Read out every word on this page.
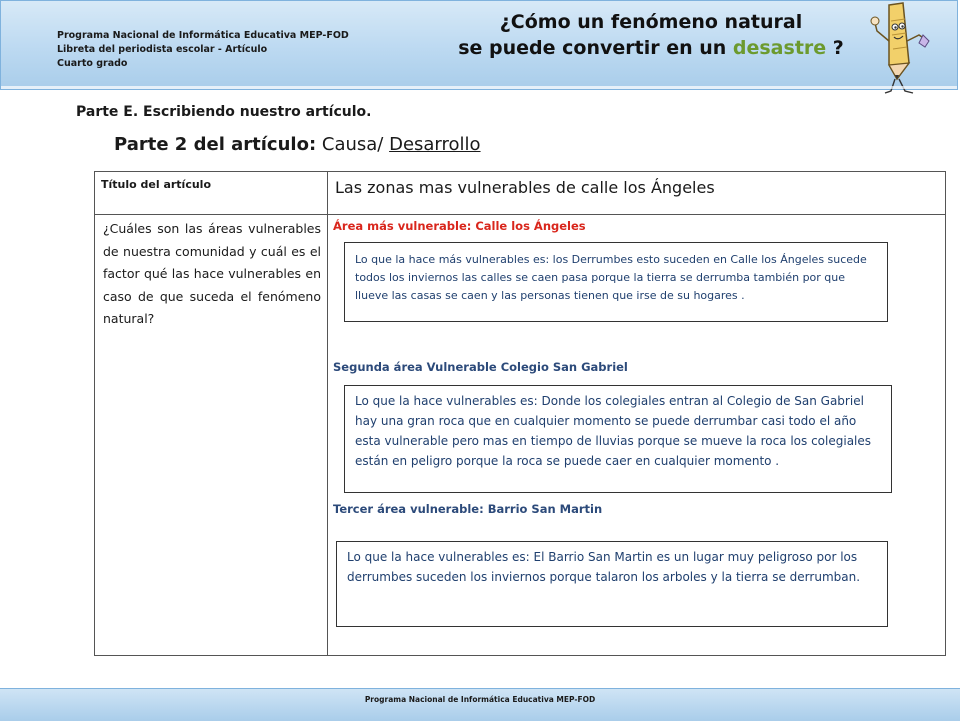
Programa Nacional de Informática Educativa MEP-FOD
Libreta del periodista escolar - Artículo
Cuarto grado
¿Cómo un fenómeno natural
se puede convertir en un desastre ?
Parte E. Escribiendo nuestro artículo.
Parte 2 del artículo: Causa/ Desarrollo
Título del artículo	Las zonas mas vulnerables de calle los Ángeles
¿Cuáles son las áreas vulnerables de nuestra comunidad y cuál es el factor qué las hace vulnerables en caso de que suceda el fenómeno natural?
Área más vulnerable: Calle los Ángeles
Lo que la hace más vulnerables es: los Derrumbes esto suceden en Calle los Ángeles sucede todos los inviernos las calles se caen pasa porque la tierra se derrumba también por que llueve las casas se caen y las personas tienen que irse de su hogares .
Segunda área Vulnerable Colegio San Gabriel
Lo que la hace vulnerables es: Donde los colegiales entran al Colegio de San Gabriel hay una gran roca que en cualquier momento se puede derrumbar casi todo el año esta vulnerable pero mas en tiempo de lluvias porque se mueve la roca los colegiales están en peligro porque la roca se puede caer en cualquier momento .
Tercer área vulnerable: Barrio San Martin
Lo que la hace vulnerables es: El Barrio San Martin es un lugar muy peligroso por los derrumbes suceden los inviernos porque talaron los arboles y la tierra se derrumban.
Programa Nacional de Informática Educativa MEP-FOD
